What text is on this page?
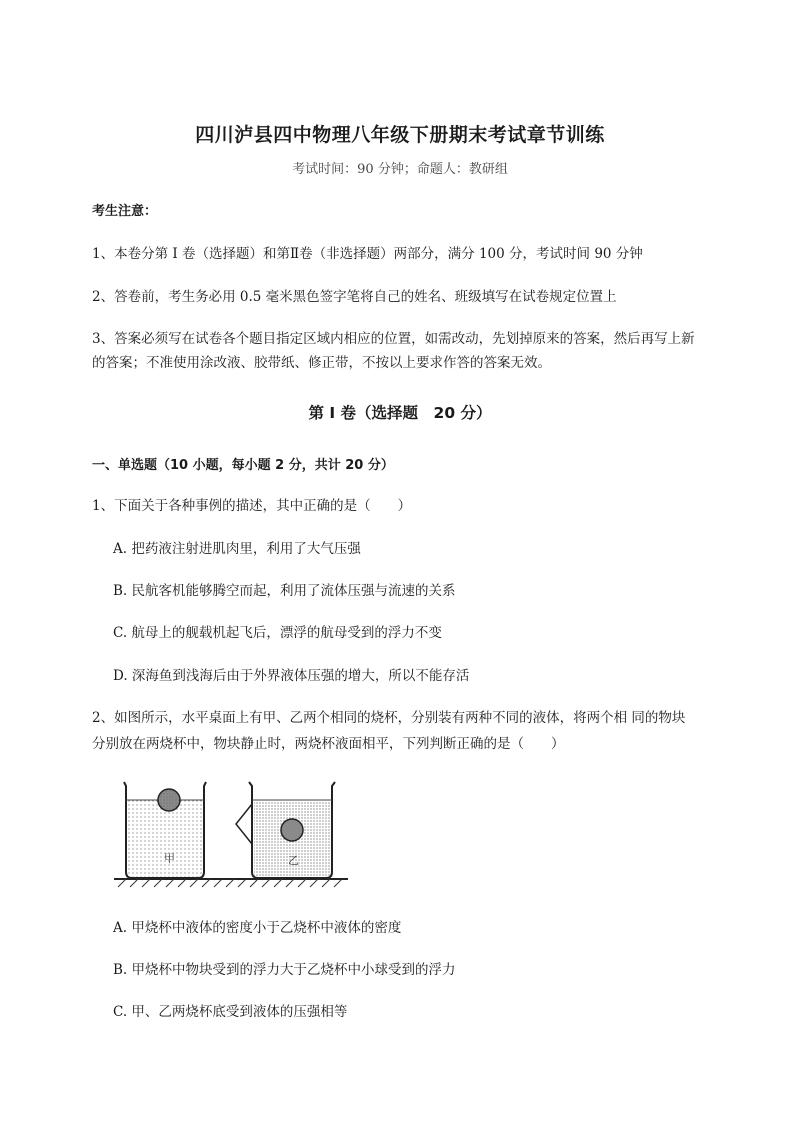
四川泸县四中物理八年级下册期末考试章节训练
考试时间：90 分钟；命题人：教研组
考生注意：
1、本卷分第 I 卷（选择题）和第Ⅱ卷（非选择题）两部分，满分 100 分，考试时间 90 分钟
2、答卷前，考生务必用 0.5 毫米黑色签字笔将自己的姓名、班级填写在试卷规定位置上
3、答案必须写在试卷各个题目指定区域内相应的位置，如需改动，先划掉原来的答案，然后再写上新
的答案；不准使用涂改液、胶带纸、修正带，不按以上要求作答的答案无效。
第 I 卷（选择题　20 分）
一、单选题（10 小题，每小题 2 分，共计 20 分）
1、下面关于各种事例的描述，其中正确的是（　　）
A. 把药液注射进肌肉里，利用了大气压强
B. 民航客机能够腾空而起，利用了流体压强与流速的关系
C. 航母上的舰载机起飞后，漂浮的航母受到的浮力不变
D. 深海鱼到浅海后由于外界液体压强的增大，所以不能存活
2、如图所示，水平桌面上有甲、乙两个相同的烧杯，分别装有两种不同的液体，将两个相 同的物块
分别放在两烧杯中，物块静止时，两烧杯液面相平，下列判断正确的是（　　）
甲	乙
A. 甲烧杯中液体的密度小于乙烧杯中液体的密度
B. 甲烧杯中物块受到的浮力大于乙烧杯中小球受到的浮力
C. 甲、乙两烧杯底受到液体的压强相等
